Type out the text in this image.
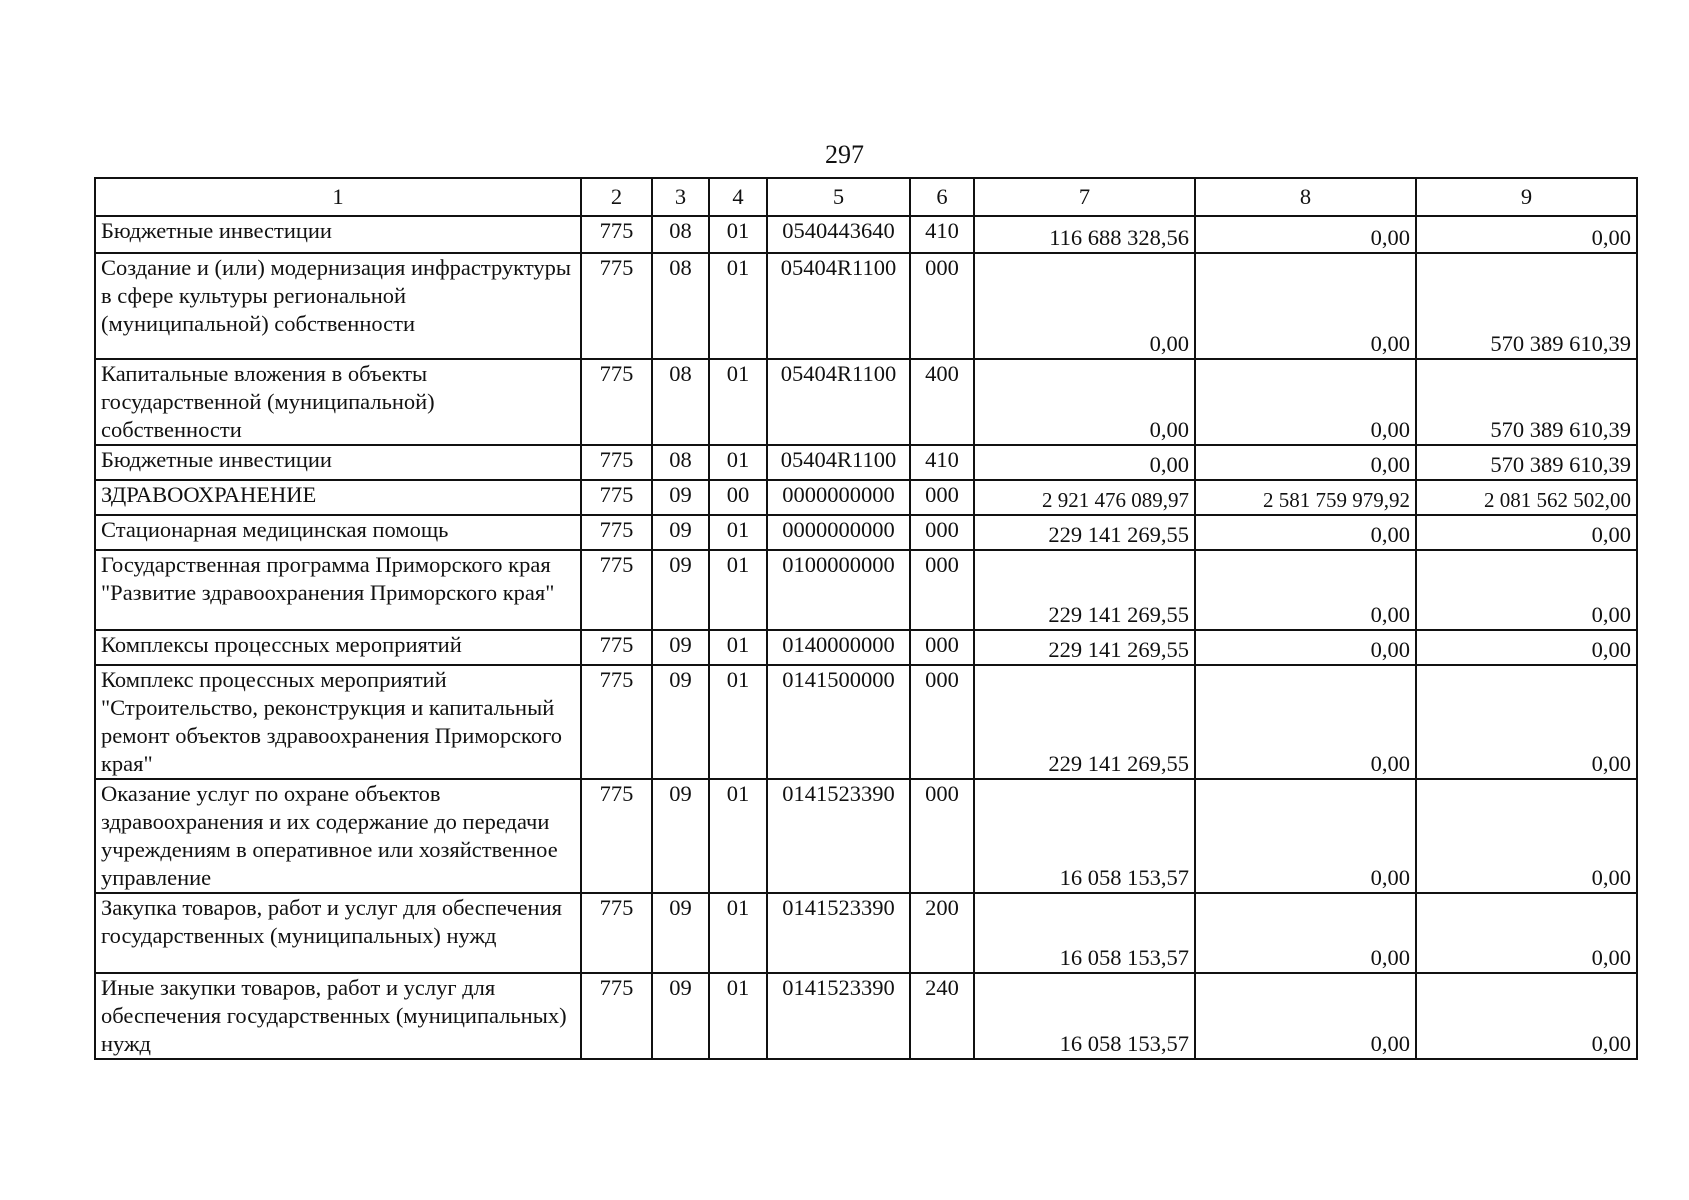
297
1	2	3	4	5	6	7	8	9
Бюджетные инвестиции	775	08	01	0540443640	410	116 688 328,56	0,00	0,00
Создание и (или) модернизация инфраструктуры в сфере культуры региональной (муниципальной) собственности	775	08	01	05404R1100	000	0,00	0,00	570 389 610,39
Капитальные вложения в объекты государственной (муниципальной) собственности	775	08	01	05404R1100	400	0,00	0,00	570 389 610,39
Бюджетные инвестиции	775	08	01	05404R1100	410	0,00	0,00	570 389 610,39
ЗДРАВООХРАНЕНИЕ	775	09	00	0000000000	000	2 921 476 089,97	2 581 759 979,92	2 081 562 502,00
Стационарная медицинская помощь	775	09	01	0000000000	000	229 141 269,55	0,00	0,00
Государственная программа Приморского края "Развитие здравоохранения Приморского края"	775	09	01	0100000000	000	229 141 269,55	0,00	0,00
Комплексы процессных мероприятий	775	09	01	0140000000	000	229 141 269,55	0,00	0,00
Комплекс процессных мероприятий "Строительство, реконструкция и капитальный ремонт объектов здравоохранения Приморского края"	775	09	01	0141500000	000	229 141 269,55	0,00	0,00
Оказание услуг по охране объектов здравоохранения и их содержание до передачи учреждениям в оперативное или хозяйственное управление	775	09	01	0141523390	000	16 058 153,57	0,00	0,00
Закупка товаров, работ и услуг для обеспечения государственных (муниципальных) нужд	775	09	01	0141523390	200	16 058 153,57	0,00	0,00
Иные закупки товаров, работ и услуг для обеспечения государственных (муниципальных) нужд	775	09	01	0141523390	240	16 058 153,57	0,00	0,00
